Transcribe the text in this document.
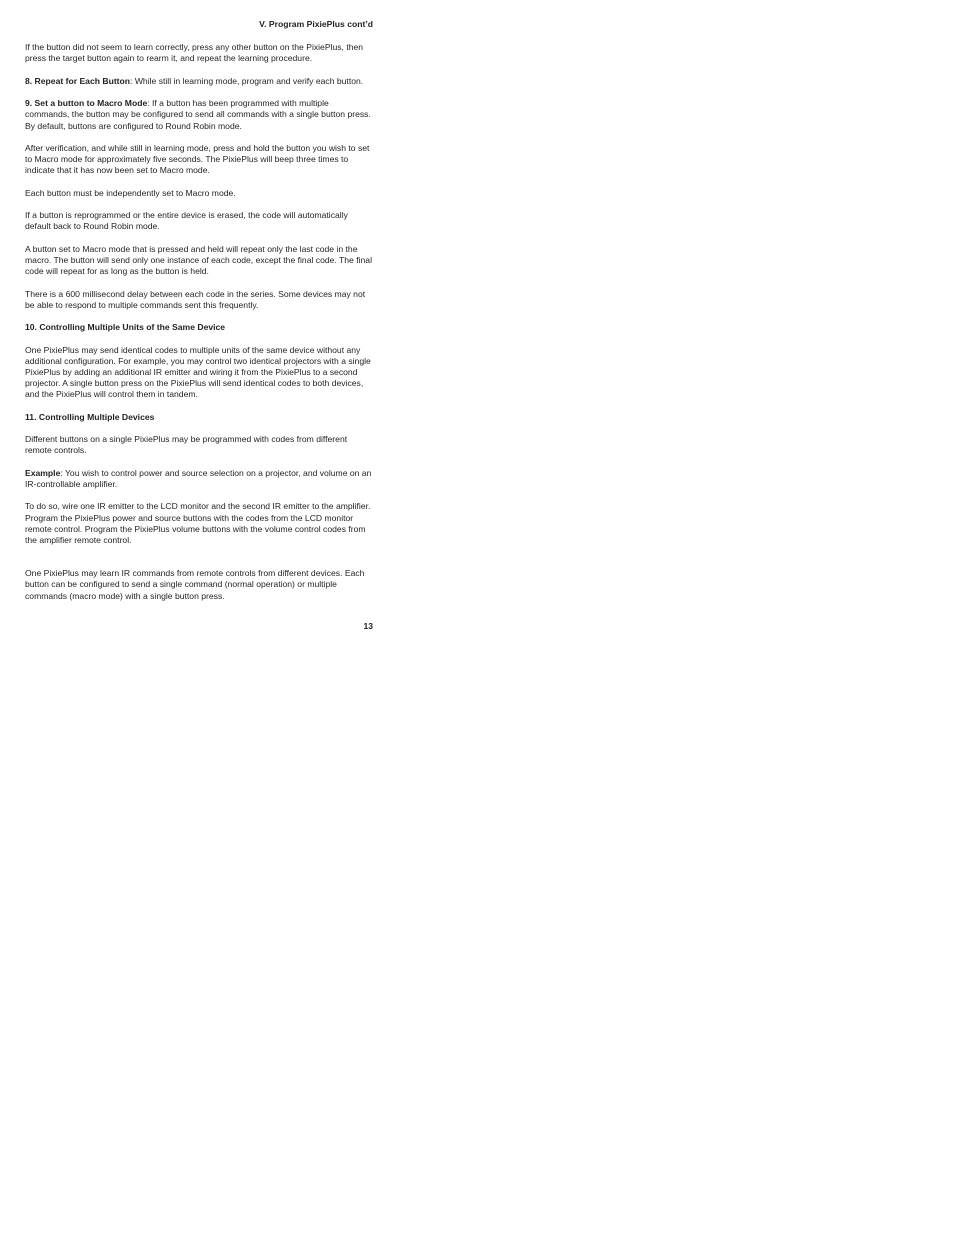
V. Program PixiePlus cont’d

If the button did not seem to learn correctly, press any other button on the PixiePlus, then press the target button again to rearm it, and repeat the learning procedure.

8. Repeat for Each Button: While still in learning mode, program and verify each button.

9. Set a button to Macro Mode: If a button has been programmed with multiple commands, the button may be configured to send all commands with a single button press. By default, buttons are configured to Round Robin mode.

After verification, and while still in learning mode, press and hold the button you wish to set to Macro mode for approximately five seconds. The PixiePlus will beep three times to indicate that it has now been set to Macro mode.

Each button must be independently set to Macro mode.

If a button is reprogrammed or the entire device is erased, the code will automatically default back to Round Robin mode.

A button set to Macro mode that is pressed and held will repeat only the last code in the macro. The button will send only one instance of each code, except the final code. The final code will repeat for as long as the button is held.

There is a 600 millisecond delay between each code in the series. Some devices may not be able to respond to multiple commands sent this frequently.

10. Controlling Multiple Units of the Same Device

One PixiePlus may send identical codes to multiple units of the same device without any additional configuration. For example, you may control two identical projectors with a single PixiePlus by adding an additional IR emitter and wiring it from the PixiePlus to a second projector. A single button press on the PixiePlus will send identical codes to both devices, and the PixiePlus will control them in tandem.

11. Controlling Multiple Devices

Different buttons on a single PixiePlus may be programmed with codes from different remote controls.

Example: You wish to control power and source selection on a projector, and volume on an IR-controllable amplifier.

To do so, wire one IR emitter to the LCD monitor and the second IR emitter to the amplifier. Program the PixiePlus power and source buttons with the codes from the LCD monitor remote control. Program the PixiePlus volume buttons with the volume control codes from the amplifier remote control.

One PixiePlus may learn IR commands from remote controls from different devices. Each button can be configured to send a single command (normal operation) or multiple commands (macro mode) with a single button press.

13
